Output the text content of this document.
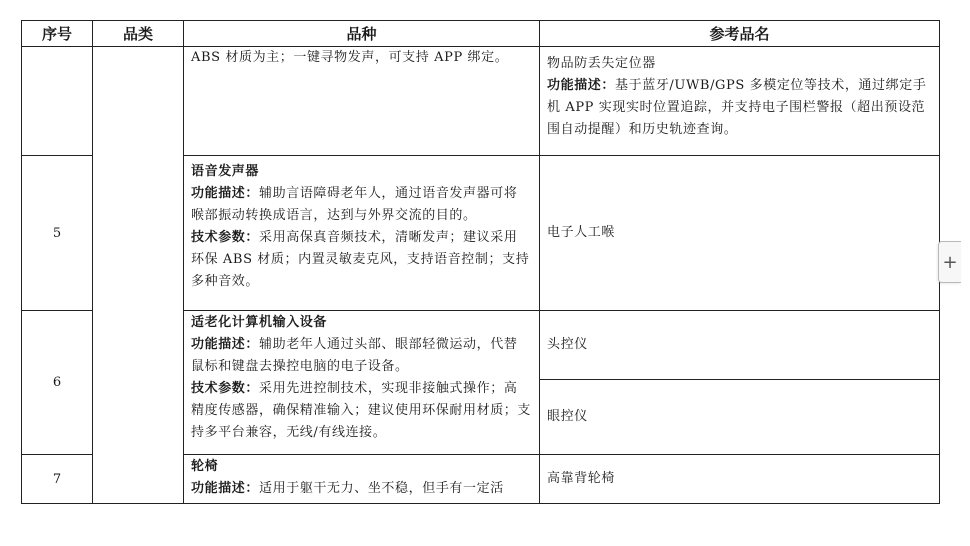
序号	品类	品种	参考品名

		ABS 材质为主；一键寻物发声，可支持 APP 绑定。	物品防丢失定位器
功能描述：基于蓝牙/UWB/GPS 多模定位等技术，通过绑定手机 APP 实现实时位置追踪，并支持电子围栏警报（超出预设范围自动提醒）和历史轨迹查询。

5		语音发声器
功能描述：辅助言语障碍老年人，通过语音发声器可将喉部振动转换成语言，达到与外界交流的目的。
技术参数：采用高保真音频技术，清晰发声；建议采用环保 ABS 材质；内置灵敏麦克风，支持语音控制；支持多种音效。	电子人工喉

6		适老化计算机输入设备
功能描述：辅助老年人通过头部、眼部轻微运动，代替鼠标和键盘去操控电脑的电子设备。
技术参数：采用先进控制技术，实现非接触式操作；高精度传感器，确保精准输入；建议使用环保耐用材质；支持多平台兼容，无线/有线连接。	头控仪

			眼控仪

7		轮椅
功能描述：适用于躯干无力、坐不稳，但手有一定活	高靠背轮椅
+
